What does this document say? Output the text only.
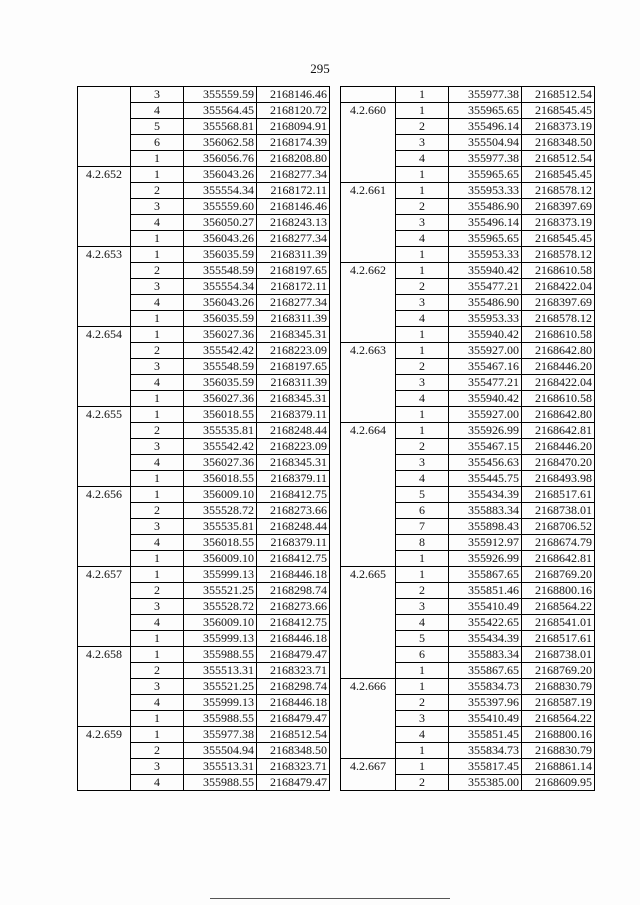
295
	3	355559.59	2168146.46
	4	355564.45	2168120.72
	5	355568.81	2168094.91
	6	356062.58	2168174.39
	1	356056.76	2168208.80
4.2.652	1	356043.26	2168277.34
	2	355554.34	2168172.11
	3	355559.60	2168146.46
	4	356050.27	2168243.13
	1	356043.26	2168277.34
4.2.653	1	356035.59	2168311.39
	2	355548.59	2168197.65
	3	355554.34	2168172.11
	4	356043.26	2168277.34
	1	356035.59	2168311.39
4.2.654	1	356027.36	2168345.31
	2	355542.42	2168223.09
	3	355548.59	2168197.65
	4	356035.59	2168311.39
	1	356027.36	2168345.31
4.2.655	1	356018.55	2168379.11
	2	355535.81	2168248.44
	3	355542.42	2168223.09
	4	356027.36	2168345.31
	1	356018.55	2168379.11
4.2.656	1	356009.10	2168412.75
	2	355528.72	2168273.66
	3	355535.81	2168248.44
	4	356018.55	2168379.11
	1	356009.10	2168412.75
4.2.657	1	355999.13	2168446.18
	2	355521.25	2168298.74
	3	355528.72	2168273.66
	4	356009.10	2168412.75
	1	355999.13	2168446.18
4.2.658	1	355988.55	2168479.47
	2	355513.31	2168323.71
	3	355521.25	2168298.74
	4	355999.13	2168446.18
	1	355988.55	2168479.47
4.2.659	1	355977.38	2168512.54
	2	355504.94	2168348.50
	3	355513.31	2168323.71
	4	355988.55	2168479.47
	1	355977.38	2168512.54
4.2.660	1	355965.65	2168545.45
	2	355496.14	2168373.19
	3	355504.94	2168348.50
	4	355977.38	2168512.54
	1	355965.65	2168545.45
4.2.661	1	355953.33	2168578.12
	2	355486.90	2168397.69
	3	355496.14	2168373.19
	4	355965.65	2168545.45
	1	355953.33	2168578.12
4.2.662	1	355940.42	2168610.58
	2	355477.21	2168422.04
	3	355486.90	2168397.69
	4	355953.33	2168578.12
	1	355940.42	2168610.58
4.2.663	1	355927.00	2168642.80
	2	355467.16	2168446.20
	3	355477.21	2168422.04
	4	355940.42	2168610.58
	1	355927.00	2168642.80
4.2.664	1	355926.99	2168642.81
	2	355467.15	2168446.20
	3	355456.63	2168470.20
	4	355445.75	2168493.98
	5	355434.39	2168517.61
	6	355883.34	2168738.01
	7	355898.43	2168706.52
	8	355912.97	2168674.79
	1	355926.99	2168642.81
4.2.665	1	355867.65	2168769.20
	2	355851.46	2168800.16
	3	355410.49	2168564.22
	4	355422.65	2168541.01
	5	355434.39	2168517.61
	6	355883.34	2168738.01
	1	355867.65	2168769.20
4.2.666	1	355834.73	2168830.79
	2	355397.96	2168587.19
	3	355410.49	2168564.22
	4	355851.45	2168800.16
	1	355834.73	2168830.79
4.2.667	1	355817.45	2168861.14
	2	355385.00	2168609.95
